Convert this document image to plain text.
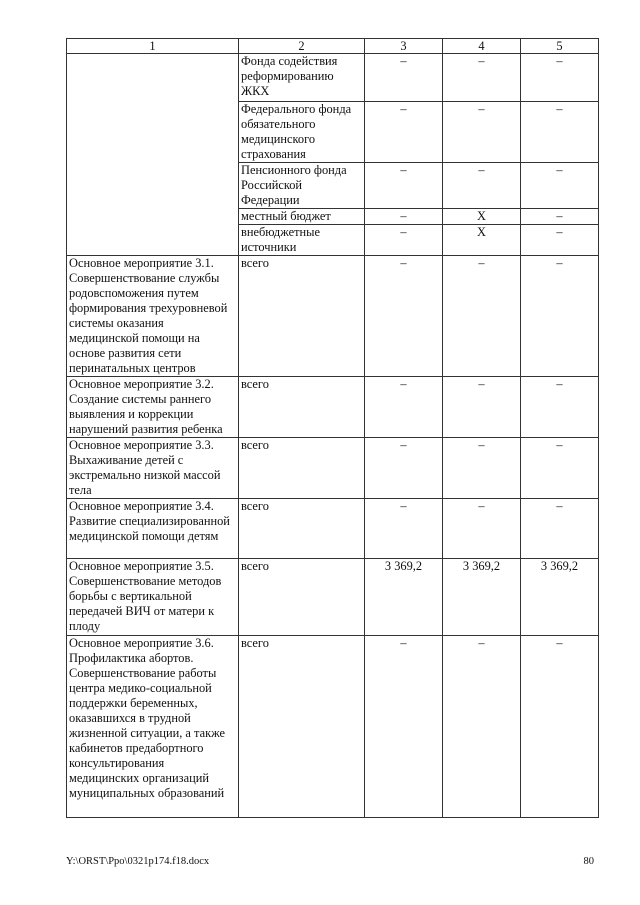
1	2	3	4	5
	Фонда содействия реформированию ЖКХ	–	–	–
	Федерального фонда обязательного медицинского страхования	–	–	–
	Пенсионного фонда Российской Федерации	–	–	–
	местный бюджет	–	Х	–
	внебюджетные источники	–	Х	–
Основное мероприятие 3.1. Совершенствование службы родовспоможения путем формирования трехуровневой системы оказания медицинской помощи на основе развития сети перинатальных центров	всего	–	–	–
Основное мероприятие 3.2. Создание системы раннего выявления и коррекции нарушений развития ребенка	всего	–	–	–
Основное мероприятие 3.3. Выхаживание детей с экстремально низкой массой тела	всего	–	–	–
Основное мероприятие 3.4. Развитие специализированной медицинской помощи детям	всего	–	–	–
Основное мероприятие 3.5. Совершенствование методов борьбы с вертикальной передачей ВИЧ от матери к плоду	всего	3 369,2	3 369,2	3 369,2
Основное мероприятие 3.6. Профилактика абортов. Совершенствование работы центра медико-социальной поддержки беременных, оказавшихся в трудной жизненной ситуации, а также кабинетов предабортного консультирования медицинских организаций муниципальных образований	всего	–	–	–
Y:\ORST\Ppo\0321p174.f18.docx	80
